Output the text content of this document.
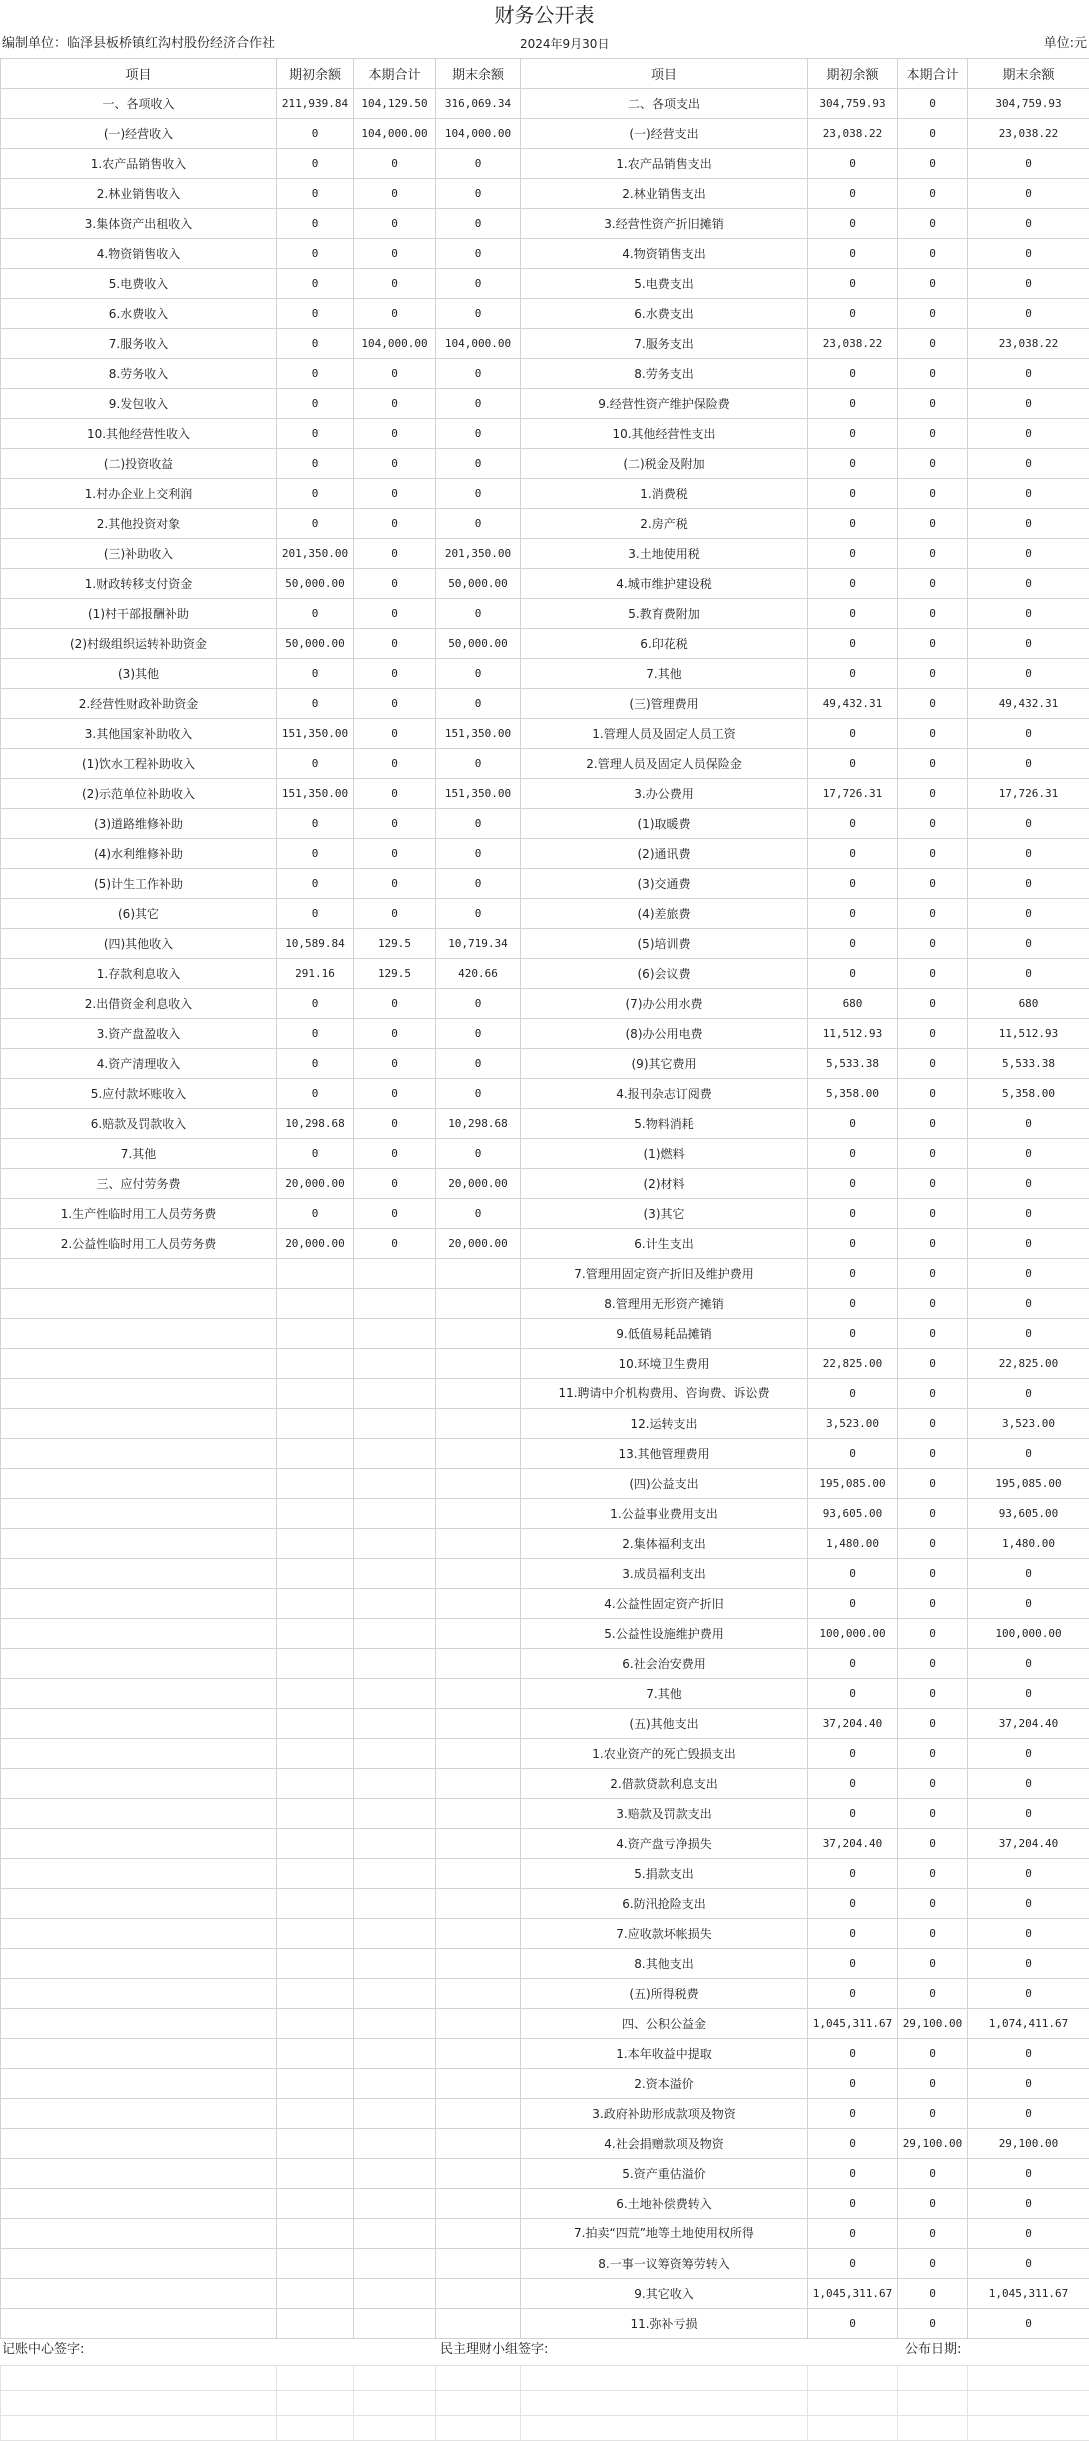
财务公开表
编制单位：临泽县板桥镇红沟村股份经济合作社	2024年9月30日	单位:元
项目	期初余额	本期合计	期末余额	项目	期初余额	本期合计	期末余额
一、各项收入	211,939.84	104,129.50	316,069.34	二、各项支出	304,759.93	0	304,759.93
(一)经营收入	0	104,000.00	104,000.00	(一)经营支出	23,038.22	0	23,038.22
1.农产品销售收入	0	0	0	1.农产品销售支出	0	0	0
2.林业销售收入	0	0	0	2.林业销售支出	0	0	0
3.集体资产出租收入	0	0	0	3.经营性资产折旧摊销	0	0	0
4.物资销售收入	0	0	0	4.物资销售支出	0	0	0
5.电费收入	0	0	0	5.电费支出	0	0	0
6.水费收入	0	0	0	6.水费支出	0	0	0
7.服务收入	0	104,000.00	104,000.00	7.服务支出	23,038.22	0	23,038.22
8.劳务收入	0	0	0	8.劳务支出	0	0	0
9.发包收入	0	0	0	9.经营性资产维护保险费	0	0	0
10.其他经营性收入	0	0	0	10.其他经营性支出	0	0	0
(二)投资收益	0	0	0	(二)税金及附加	0	0	0
1.村办企业上交利润	0	0	0	1.消费税	0	0	0
2.其他投资对象	0	0	0	2.房产税	0	0	0
(三)补助收入	201,350.00	0	201,350.00	3.土地使用税	0	0	0
1.财政转移支付资金	50,000.00	0	50,000.00	4.城市维护建设税	0	0	0
(1)村干部报酬补助	0	0	0	5.教育费附加	0	0	0
(2)村级组织运转补助资金	50,000.00	0	50,000.00	6.印花税	0	0	0
(3)其他	0	0	0	7.其他	0	0	0
2.经营性财政补助资金	0	0	0	(三)管理费用	49,432.31	0	49,432.31
3.其他国家补助收入	151,350.00	0	151,350.00	1.管理人员及固定人员工资	0	0	0
(1)饮水工程补助收入	0	0	0	2.管理人员及固定人员保险金	0	0	0
(2)示范单位补助收入	151,350.00	0	151,350.00	3.办公费用	17,726.31	0	17,726.31
(3)道路维修补助	0	0	0	(1)取暖费	0	0	0
(4)水利维修补助	0	0	0	(2)通讯费	0	0	0
(5)计生工作补助	0	0	0	(3)交通费	0	0	0
(6)其它	0	0	0	(4)差旅费	0	0	0
(四)其他收入	10,589.84	129.5	10,719.34	(5)培训费	0	0	0
1.存款利息收入	291.16	129.5	420.66	(6)会议费	0	0	0
2.出借资金利息收入	0	0	0	(7)办公用水费	680	0	680
3.资产盘盈收入	0	0	0	(8)办公用电费	11,512.93	0	11,512.93
4.资产清理收入	0	0	0	(9)其它费用	5,533.38	0	5,533.38
5.应付款坏账收入	0	0	0	4.报刊杂志订阅费	5,358.00	0	5,358.00
6.赔款及罚款收入	10,298.68	0	10,298.68	5.物料消耗	0	0	0
7.其他	0	0	0	(1)燃料	0	0	0
三、应付劳务费	20,000.00	0	20,000.00	(2)材料	0	0	0
1.生产性临时用工人员劳务费	0	0	0	(3)其它	0	0	0
2.公益性临时用工人员劳务费	20,000.00	0	20,000.00	6.计生支出	0	0	0
				7.管理用固定资产折旧及维护费用	0	0	0
				8.管理用无形资产摊销	0	0	0
				9.低值易耗品摊销	0	0	0
				10.环境卫生费用	22,825.00	0	22,825.00
				11.聘请中介机构费用、咨询费、诉讼费	0	0	0
				12.运转支出	3,523.00	0	3,523.00
				13.其他管理费用	0	0	0
				(四)公益支出	195,085.00	0	195,085.00
				1.公益事业费用支出	93,605.00	0	93,605.00
				2.集体福利支出	1,480.00	0	1,480.00
				3.成员福利支出	0	0	0
				4.公益性固定资产折旧	0	0	0
				5.公益性设施维护费用	100,000.00	0	100,000.00
				6.社会治安费用	0	0	0
				7.其他	0	0	0
				(五)其他支出	37,204.40	0	37,204.40
				1.农业资产的死亡毁损支出	0	0	0
				2.借款贷款利息支出	0	0	0
				3.赔款及罚款支出	0	0	0
				4.资产盘亏净损失	37,204.40	0	37,204.40
				5.捐款支出	0	0	0
				6.防汛抢险支出	0	0	0
				7.应收款坏帐损失	0	0	0
				8.其他支出	0	0	0
				(五)所得税费	0	0	0
				四、公积公益金	1,045,311.67	29,100.00	1,074,411.67
				1.本年收益中提取	0	0	0
				2.资本溢价	0	0	0
				3.政府补助形成款项及物资	0	0	0
				4.社会捐赠款项及物资	0	29,100.00	29,100.00
				5.资产重估溢价	0	0	0
				6.土地补偿费转入	0	0	0
				7.拍卖“四荒”地等土地使用权所得	0	0	0
				8.一事一议筹资筹劳转入	0	0	0
				9.其它收入	1,045,311.67	0	1,045,311.67
				11.弥补亏损	0	0	0
记账中心签字:	民主理财小组签字:	公布日期:
